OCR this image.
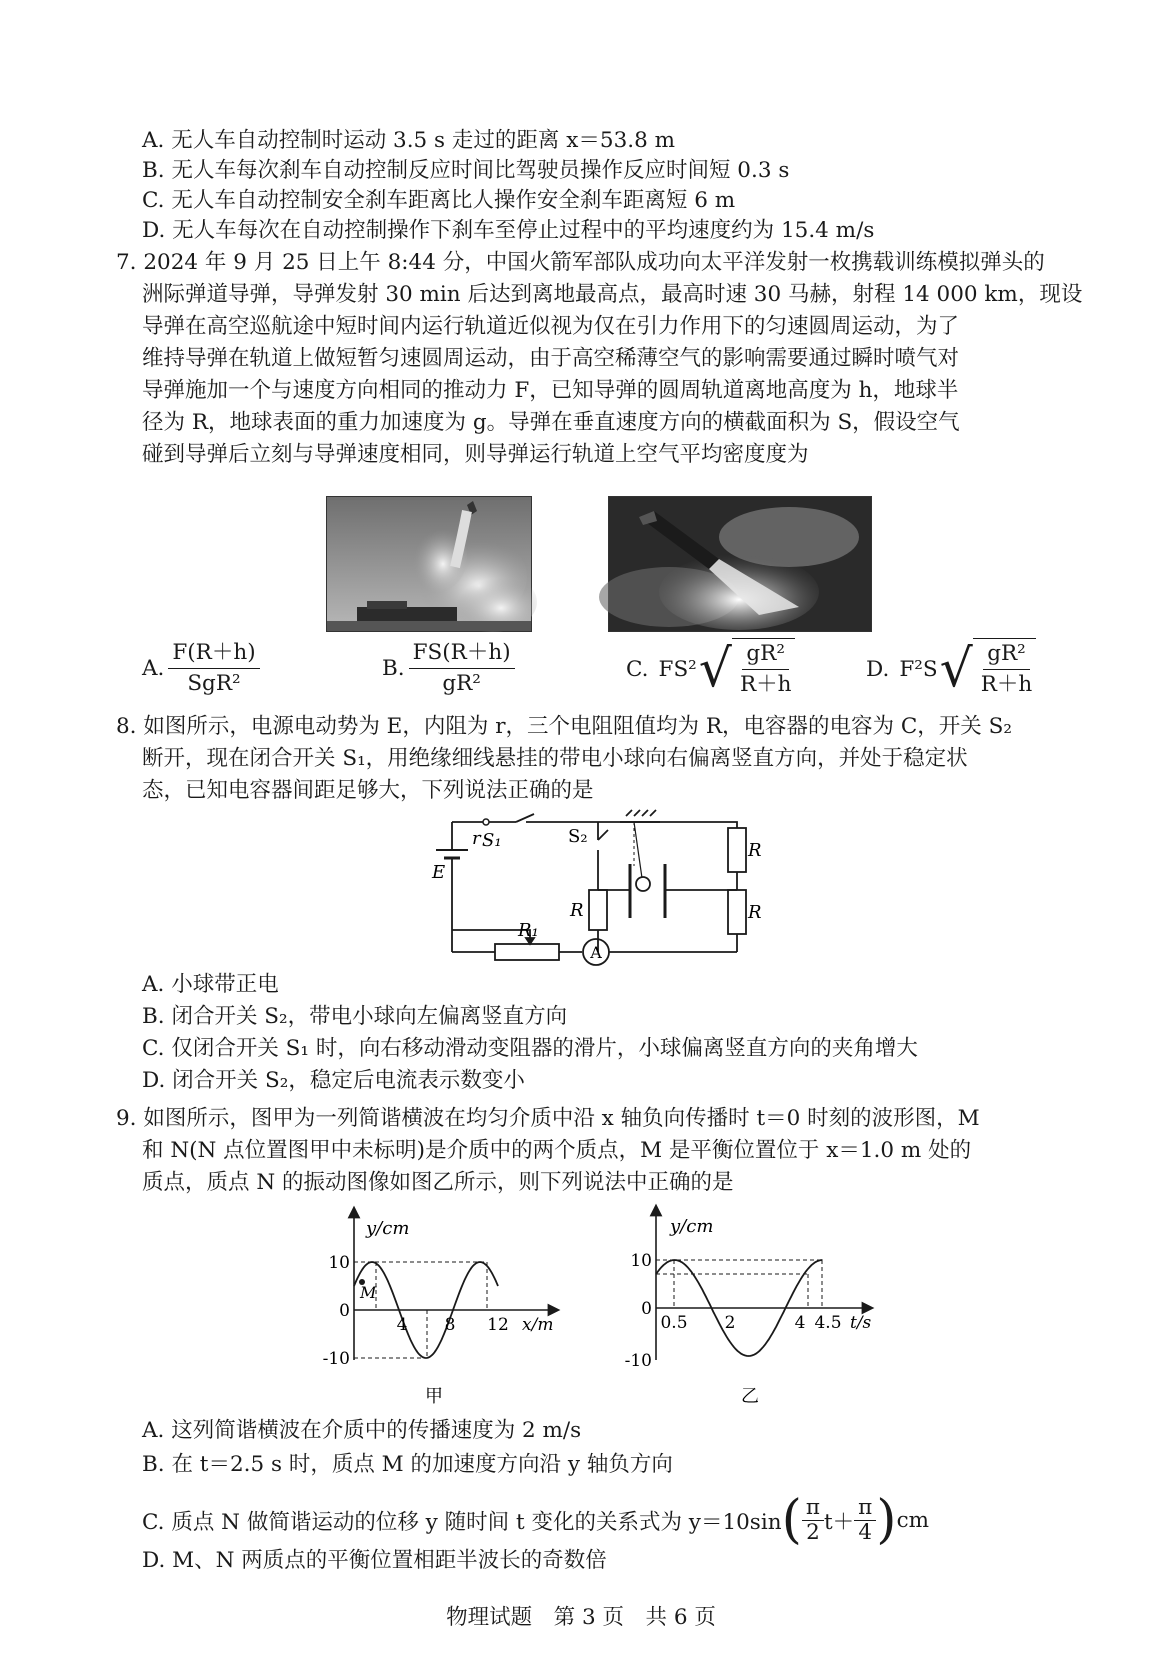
A. 无人车自动控制时运动 3.5 s 走过的距离 x＝53.8 m
B. 无人车每次刹车自动控制反应时间比驾驶员操作反应时间短 0.3 s
C. 无人车自动控制安全刹车距离比人操作安全刹车距离短 6 m
D. 无人车每次在自动控制操作下刹车至停止过程中的平均速度约为 15.4 m/s
7. 2024 年 9 月 25 日上午 8:44 分，中国火箭军部队成功向太平洋发射一枚携载训练模拟弹头的
洲际弹道导弹，导弹发射 30 min 后达到离地最高点，最高时速 30 马赫，射程 14 000 km，现设
导弹在高空巡航途中短时间内运行轨道近似视为仅在引力作用下的匀速圆周运动，为了
维持导弹在轨道上做短暂匀速圆周运动，由于高空稀薄空气的影响需要通过瞬时喷气对
导弹施加一个与速度方向相同的推动力 F，已知导弹的圆周轨道离地高度为 h，地球半
径为 R，地球表面的重力加速度为 g。导弹在垂直速度方向的横截面积为 S，假设空气
碰到导弹后立刻与导弹速度相同，则导弹运行轨道上空气平均密度度为
A. $\frac{F(R+h)}{\text{SgR²}}$	B. $\frac{FS(R+h)}{\text{gR²}}$	C. FS² √ $\frac{\text{gR²}}{R+h}$	D. F²S √ $\frac{\text{gR²}}{R+h}$
8. 如图所示，电源电动势为 E，内阻为 r，三个电阻阻值均为 R，电容器的电容为 C，开关 S₂
断开，现在闭合开关 S₁，用绝缘细线悬挂的带电小球向右偏离竖直方向，并处于稳定状
态，已知电容器间距足够大，下列说法正确的是
S₁
r
E
S₂
R
R
R
R₁
A
A. 小球带正电
B. 闭合开关 S₂，带电小球向左偏离竖直方向
C. 仅闭合开关 S₁ 时，向右移动滑动变阻器的滑片，小球偏离竖直方向的夹角增大
D. 闭合开关 S₂，稳定后电流表示数变小
9. 如图所示，图甲为一列简谐横波在均匀介质中沿 x 轴负向传播时 t＝0 时刻的波形图，M
和 N(N 点位置图甲中未标明)是介质中的两个质点，M 是平衡位置位于 x＝1.0 m 处的
质点，质点 N 的振动图像如图乙所示，则下列说法中正确的是
y/cm
10
0
-10
4 8 12 x/m
M
甲
y/cm
10
0
-10
0.5 2	4 4.5 t/s
乙
A. 这列简谐横波在介质中的传播速度为 2 m/s
B. 在 t＝2.5 s 时，质点 M 的加速度方向沿 y 轴负方向
C. 质点 N 做简谐运动的位移 y 随时间 t 变化的关系式为 y＝10sin ( $\frac{\pi}{2} t+ \frac{\pi}{4}$ ) cm
D. M、N 两质点的平衡位置相距半波长的奇数倍
物理试题　第 3 页　共 6 页
